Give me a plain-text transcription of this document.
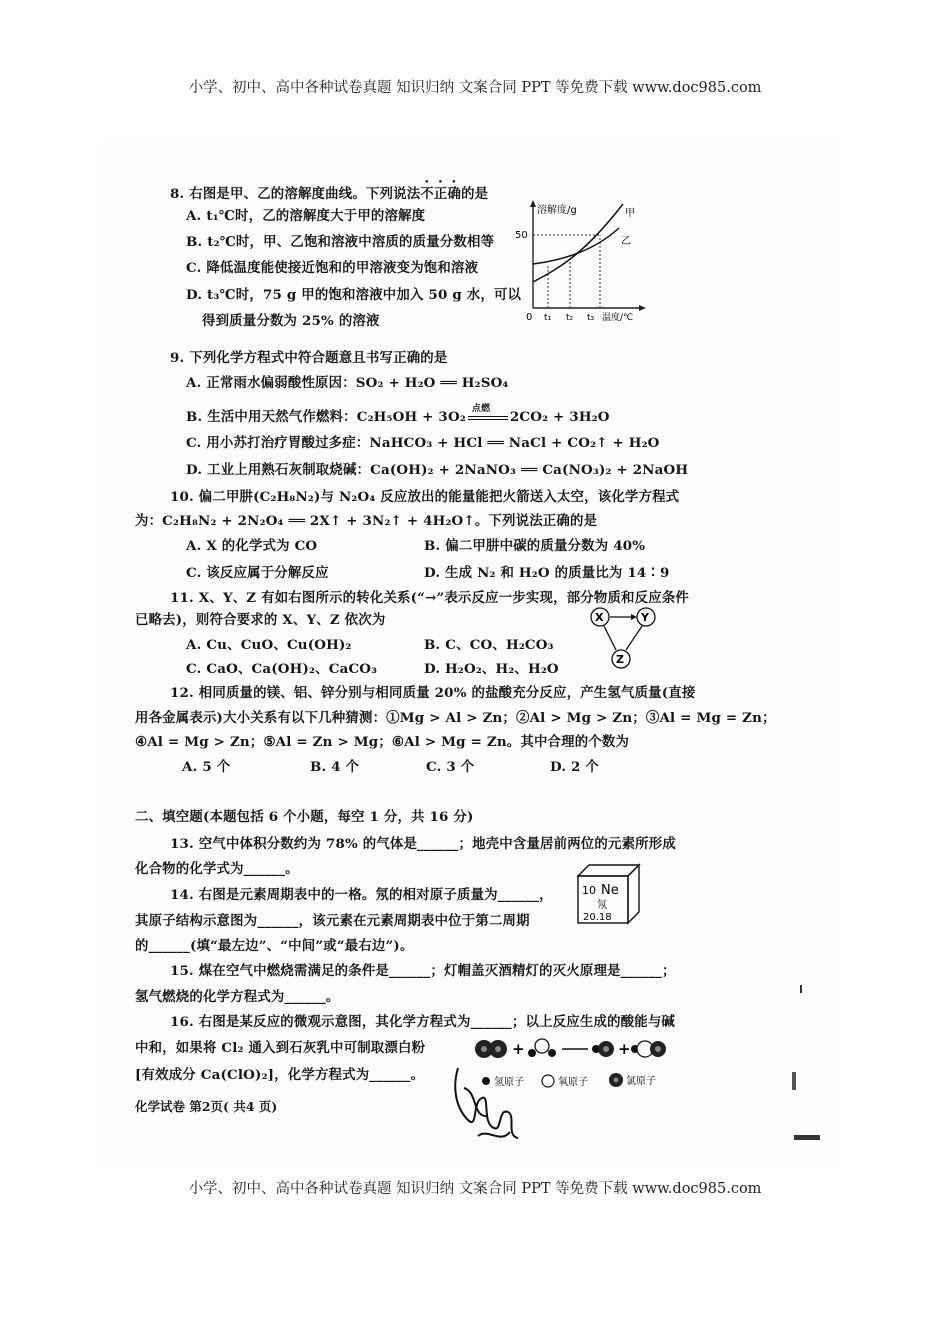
小学、初中、高中各种试卷真题 知识归纳 文案合同 PPT 等免费下载 www.doc985.com
8. 右图是甲、乙的溶解度曲线。下列说法不正确的是
A. t₁℃时，乙的溶解度大于甲的溶解度
B. t₂℃时，甲、乙饱和溶液中溶质的质量分数相等
C. 降低温度能使接近饱和的甲溶液变为饱和溶液
D. t₃℃时，75 g 甲的饱和溶液中加入 50 g 水，可以
得到质量分数为 25% 的溶液
溶解度/g
50
0 t₁ t₂ t₃ 温度/℃
甲
乙
9. 下列化学方程式中符合题意且书写正确的是
A. 正常雨水偏弱酸性原因：SO₂ + H₂O ══ H₂SO₄
B. 生活中用天然气作燃料：C₂H₅OH + 3O₂ 点燃 2CO₂ + 3H₂O
C. 用小苏打治疗胃酸过多症：NaHCO₃ + HCl ══ NaCl + CO₂↑ + H₂O
D. 工业上用熟石灰制取烧碱：Ca(OH)₂ + 2NaNO₃ ══ Ca(NO₃)₂ + 2NaOH
10. 偏二甲肼(C₂H₈N₂)与 N₂O₄ 反应放出的能量能把火箭送入太空，该化学方程式
为：C₂H₈N₂ + 2N₂O₄ ══ 2X↑ + 3N₂↑ + 4H₂O↑。下列说法正确的是
A. X 的化学式为 CO	B. 偏二甲肼中碳的质量分数为 40%
C. 该反应属于分解反应	D. 生成 N₂ 和 H₂O 的质量比为 14∶9
11. X、Y、Z 有如右图所示的转化关系(“→”表示反应一步实现，部分物质和反应条件
已略去)，则符合要求的 X、Y、Z 依次为
A. Cu、CuO、Cu(OH)₂	B. C、CO、H₂CO₃
C. CaO、Ca(OH)₂、CaCO₃	D. H₂O₂、H₂、H₂O
X	Y
Z
12. 相同质量的镁、铝、锌分别与相同质量 20% 的盐酸充分反应，产生氢气质量(直接
用各金属表示)大小关系有以下几种猜测：①Mg > Al > Zn；②Al > Mg > Zn；③Al = Mg = Zn；
④Al = Mg > Zn；⑤Al = Zn > Mg；⑥Al > Mg = Zn。其中合理的个数为
A. 5 个	B. 4 个	C. 3 个	D. 2 个
二、填空题(本题包括 6 个小题，每空 1 分，共 16 分)
13. 空气中体积分数约为 78% 的气体是______；地壳中含量居前两位的元素所形成
化合物的化学式为______。
14. 右图是元素周期表中的一格。氖的相对原子质量为______，
其原子结构示意图为______，该元素在元素周期表中位于第二周期
的______(填“最左边”、“中间”或“最右边”)。
10 Ne
氖
20.18
15. 煤在空气中燃烧需满足的条件是______；灯帽盖灭酒精灯的灭火原理是______；
氢气燃烧的化学方程式为______。
16. 右图是某反应的微观示意图，其化学方程式为______；以上反应生成的酸能与碱
中和，如果将 Cl₂ 通入到石灰乳中可制取漂白粉
[有效成分 Ca(ClO)₂]，化学方程式为______。
+	+
氢原子	氧原子	氯原子
化学试卷 第2页( 共4 页)
小学、初中、高中各种试卷真题 知识归纳 文案合同 PPT 等免费下载 www.doc985.com
